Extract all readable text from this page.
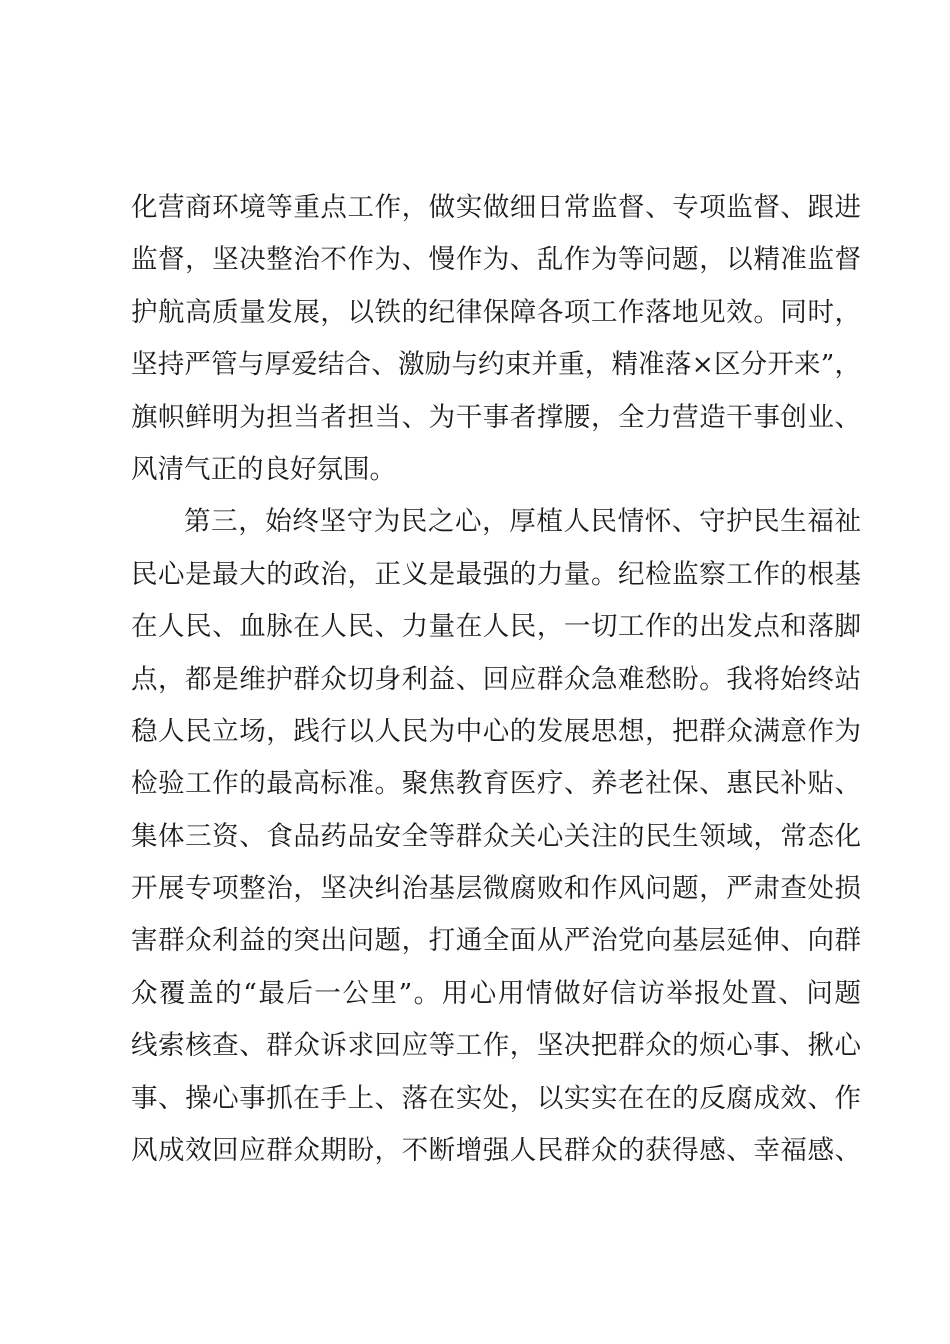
化营商环境等重点工作，做实做细日常监督、专项监督、跟进
监督，坚决整治不作为、慢作为、乱作为等问题，以精准监督
护航高质量发展，以铁的纪律保障各项工作落地见效。同时，
坚持严管与厚爱结合、激励与约束并重，精准落×区分开来”，
旗帜鲜明为担当者担当、为干事者撑腰，全力营造干事创业、
风清气正的良好氛围。
第三，始终坚守为民之心，厚植人民情怀、守护民生福祉
民心是最大的政治，正义是最强的力量。纪检监察工作的根基
在人民、血脉在人民、力量在人民，一切工作的出发点和落脚
点，都是维护群众切身利益、回应群众急难愁盼。我将始终站
稳人民立场，践行以人民为中心的发展思想，把群众满意作为
检验工作的最高标准。聚焦教育医疗、养老社保、惠民补贴、
集体三资、食品药品安全等群众关心关注的民生领域，常态化
开展专项整治，坚决纠治基层微腐败和作风问题，严肃查处损
害群众利益的突出问题，打通全面从严治党向基层延伸、向群
众覆盖的“最后一公里”。用心用情做好信访举报处置、问题
线索核查、群众诉求回应等工作，坚决把群众的烦心事、揪心
事、操心事抓在手上、落在实处，以实实在在的反腐成效、作
风成效回应群众期盼，不断增强人民群众的获得感、幸福感、
